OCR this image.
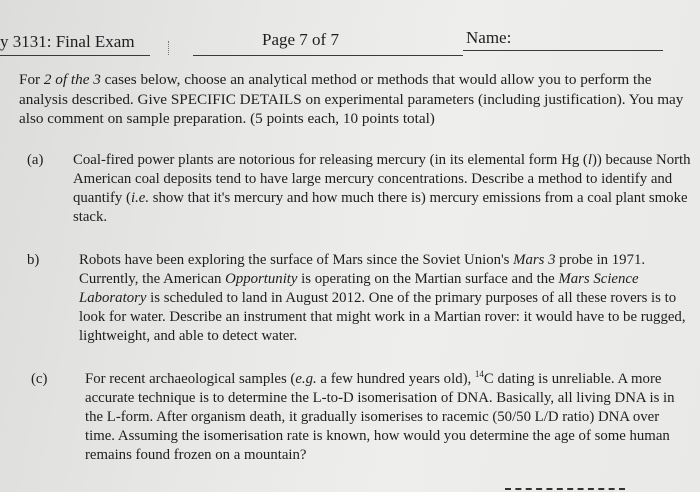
y 3131: Final Exam	Page 7 of 7	Name:
For 2 of the 3 cases below, choose an analytical method or methods that would allow you to perform the analysis described. Give SPECIFIC DETAILS on experimental parameters (including justification). You may also comment on sample preparation. (5 points each, 10 points total)
(a) Coal-fired power plants are notorious for releasing mercury (in its elemental form Hg (l)) because North American coal deposits tend to have large mercury concentrations. Describe a method to identify and quantify (i.e. show that it's mercury and how much there is) mercury emissions from a coal plant smoke stack.
b)	Robots have been exploring the surface of Mars since the Soviet Union's Mars 3 probe in 1971. Currently, the American Opportunity is operating on the Martian surface and the Mars Science Laboratory is scheduled to land in August 2012. One of the primary purposes of all these rovers is to look for water. Describe an instrument that might work in a Martian rover: it would have to be rugged, lightweight, and able to detect water.
(c)	For recent archaeological samples (e.g. a few hundred years old), $^{14}$C dating is unreliable. A more accurate technique is to determine the L-to-D isomerisation of DNA. Basically, all living DNA is in the L-form. After organism death, it gradually isomerises to racemic (50/50 L/D ratio) DNA over time. Assuming the isomerisation rate is known, how would you determine the age of some human remains found frozen on a mountain?
